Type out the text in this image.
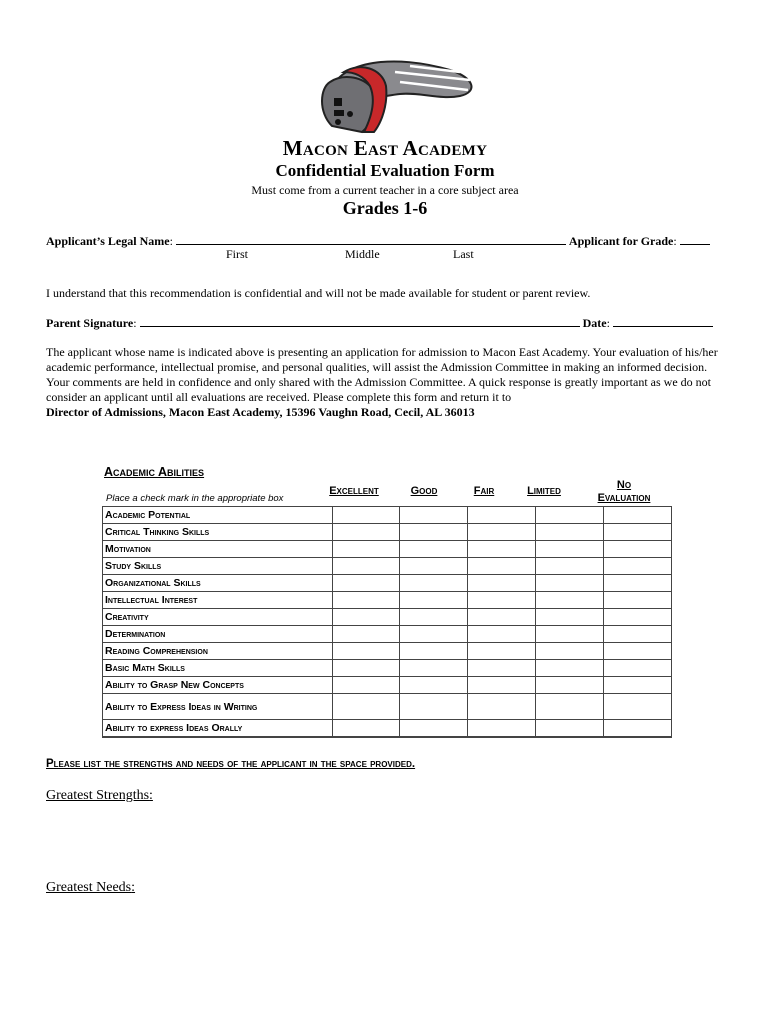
Macon East Academy
Confidential Evaluation Form
Must come from a current teacher in a core subject area
Grades 1-6
Applicant’s Legal Name:	Applicant for Grade:
First	Middle	Last
I understand that this recommendation is confidential and will not be made available for student or parent review.
Parent Signature:	Date:
The applicant whose name is indicated above is presenting an application for admission to Macon East Academy. Your evaluation of his/her academic performance, intellectual promise, and personal qualities, will assist the Admission Committee in making an informed decision. Your comments are held in confidence and only shared with the Admission Committee. A quick response is greatly important as we do not consider an applicant until all evaluations are received. Please complete this form and return it to
Director of Admissions, Macon East Academy, 15396 Vaughn Road, Cecil, AL 36013
Academic Abilities
Place a check mark in the appropriate box
Excellent	Good	Fair	Limited	No
Evaluation
Academic Potential					
Critical Thinking Skills					
Motivation					
Study Skills					
Organizational Skills					
Intellectual Interest					
Creativity					
Determination					
Reading Comprehension					
Basic Math Skills					
Ability to Grasp New Concepts					
Ability to Express Ideas in Writing					
Ability to express Ideas Orally					
Please list the strengths and needs of the applicant in the space provided.
Greatest Strengths:
Greatest Needs:
